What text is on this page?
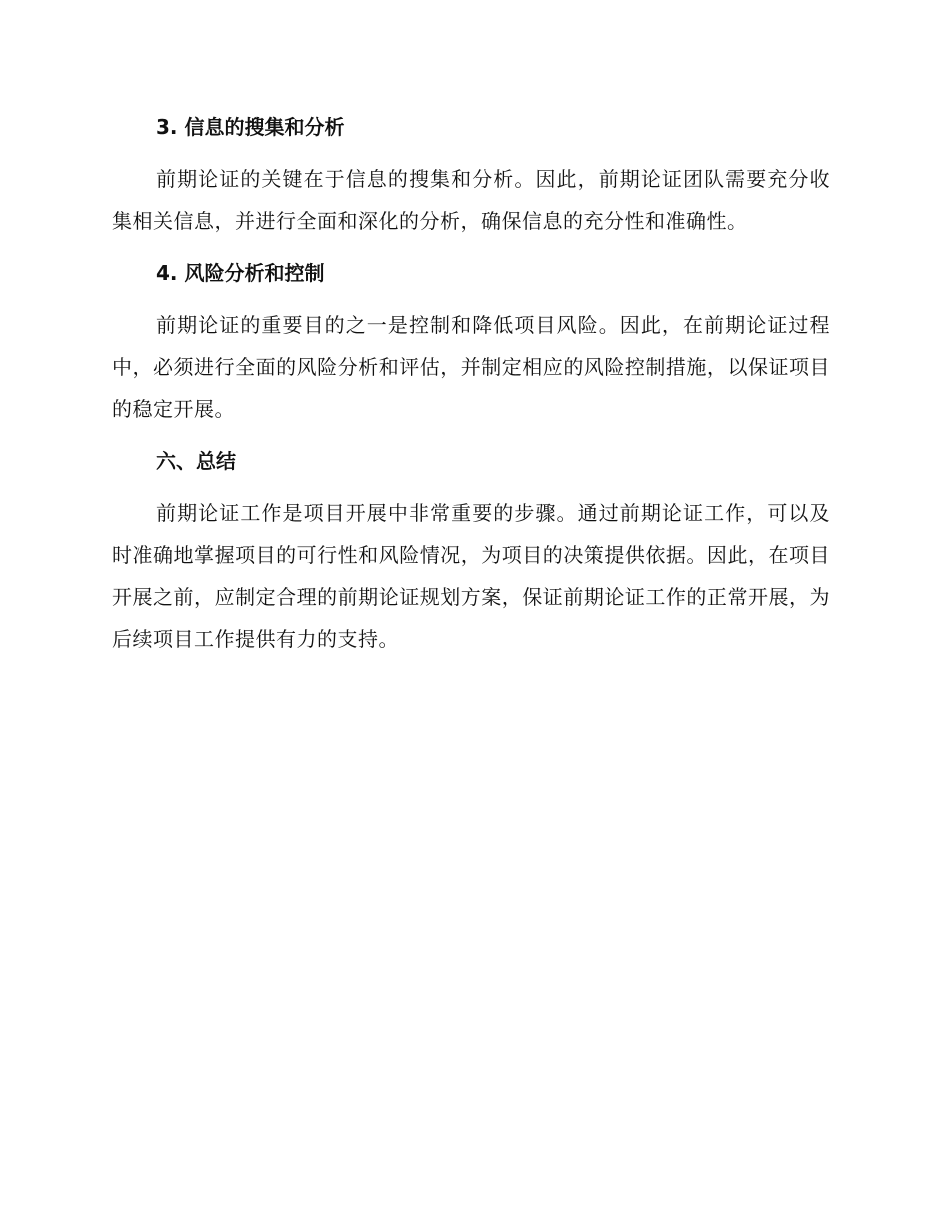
3. 信息的搜集和分析

前期论证的关键在于信息的搜集和分析。因此，前期论证团队需要充分收集相关信息，并进行全面和深化的分析，确保信息的充分性和准确性。

4. 风险分析和控制

前期论证的重要目的之一是控制和降低项目风险。因此，在前期论证过程中，必须进行全面的风险分析和评估，并制定相应的风险控制措施，以保证项目的稳定开展。

六、总结

前期论证工作是项目开展中非常重要的步骤。通过前期论证工作，可以及时准确地掌握项目的可行性和风险情况，为项目的决策提供依据。因此，在项目开展之前，应制定合理的前期论证规划方案，保证前期论证工作的正常开展，为后续项目工作提供有力的支持。
